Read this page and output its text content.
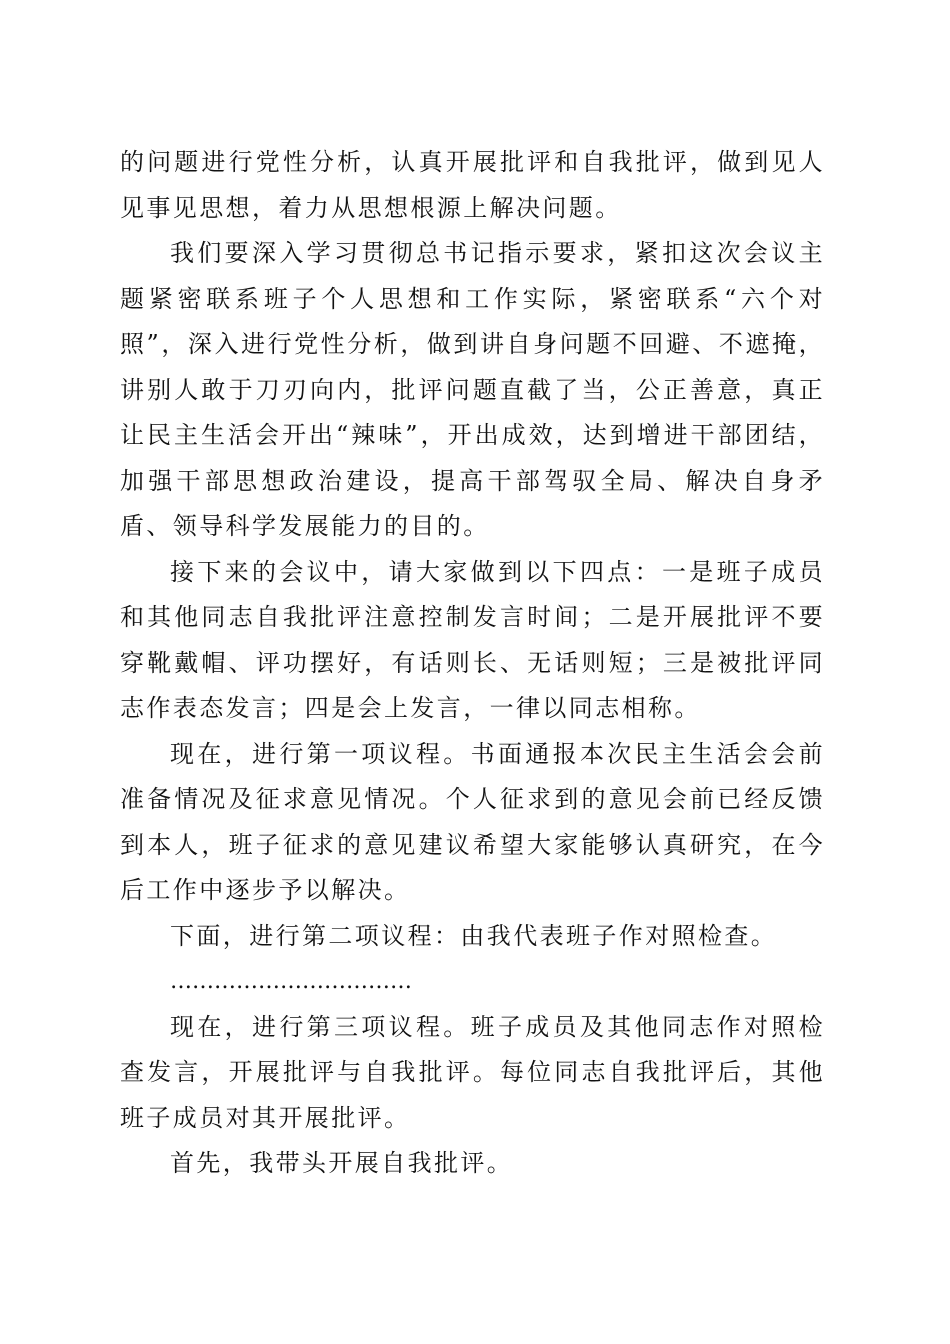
的问题进行党性分析，认真开展批评和自我批评，做到见人见事见思想，着力从思想根源上解决问题。

我们要深入学习贯彻总书记指示要求，紧扣这次会议主题紧密联系班子个人思想和工作实际，紧密联系“六个对照”，深入进行党性分析，做到讲自身问题不回避、不遮掩，讲别人敢于刀刃向内，批评问题直截了当，公正善意，真正让民主生活会开出“辣味”，开出成效，达到增进干部团结，加强干部思想政治建设，提高干部驾驭全局、解决自身矛盾、领导科学发展能力的目的。

接下来的会议中，请大家做到以下四点：一是班子成员和其他同志自我批评注意控制发言时间；二是开展批评不要穿靴戴帽、评功摆好，有话则长、无话则短；三是被批评同志作表态发言；四是会上发言，一律以同志相称。

现在，进行第一项议程。书面通报本次民主生活会会前准备情况及征求意见情况。个人征求到的意见会前已经反馈到本人，班子征求的意见建议希望大家能够认真研究，在今后工作中逐步予以解决。

下面，进行第二项议程：由我代表班子作对照检查。

……………………………

现在，进行第三项议程。班子成员及其他同志作对照检查发言，开展批评与自我批评。每位同志自我批评后，其他班子成员对其开展批评。

首先，我带头开展自我批评。
